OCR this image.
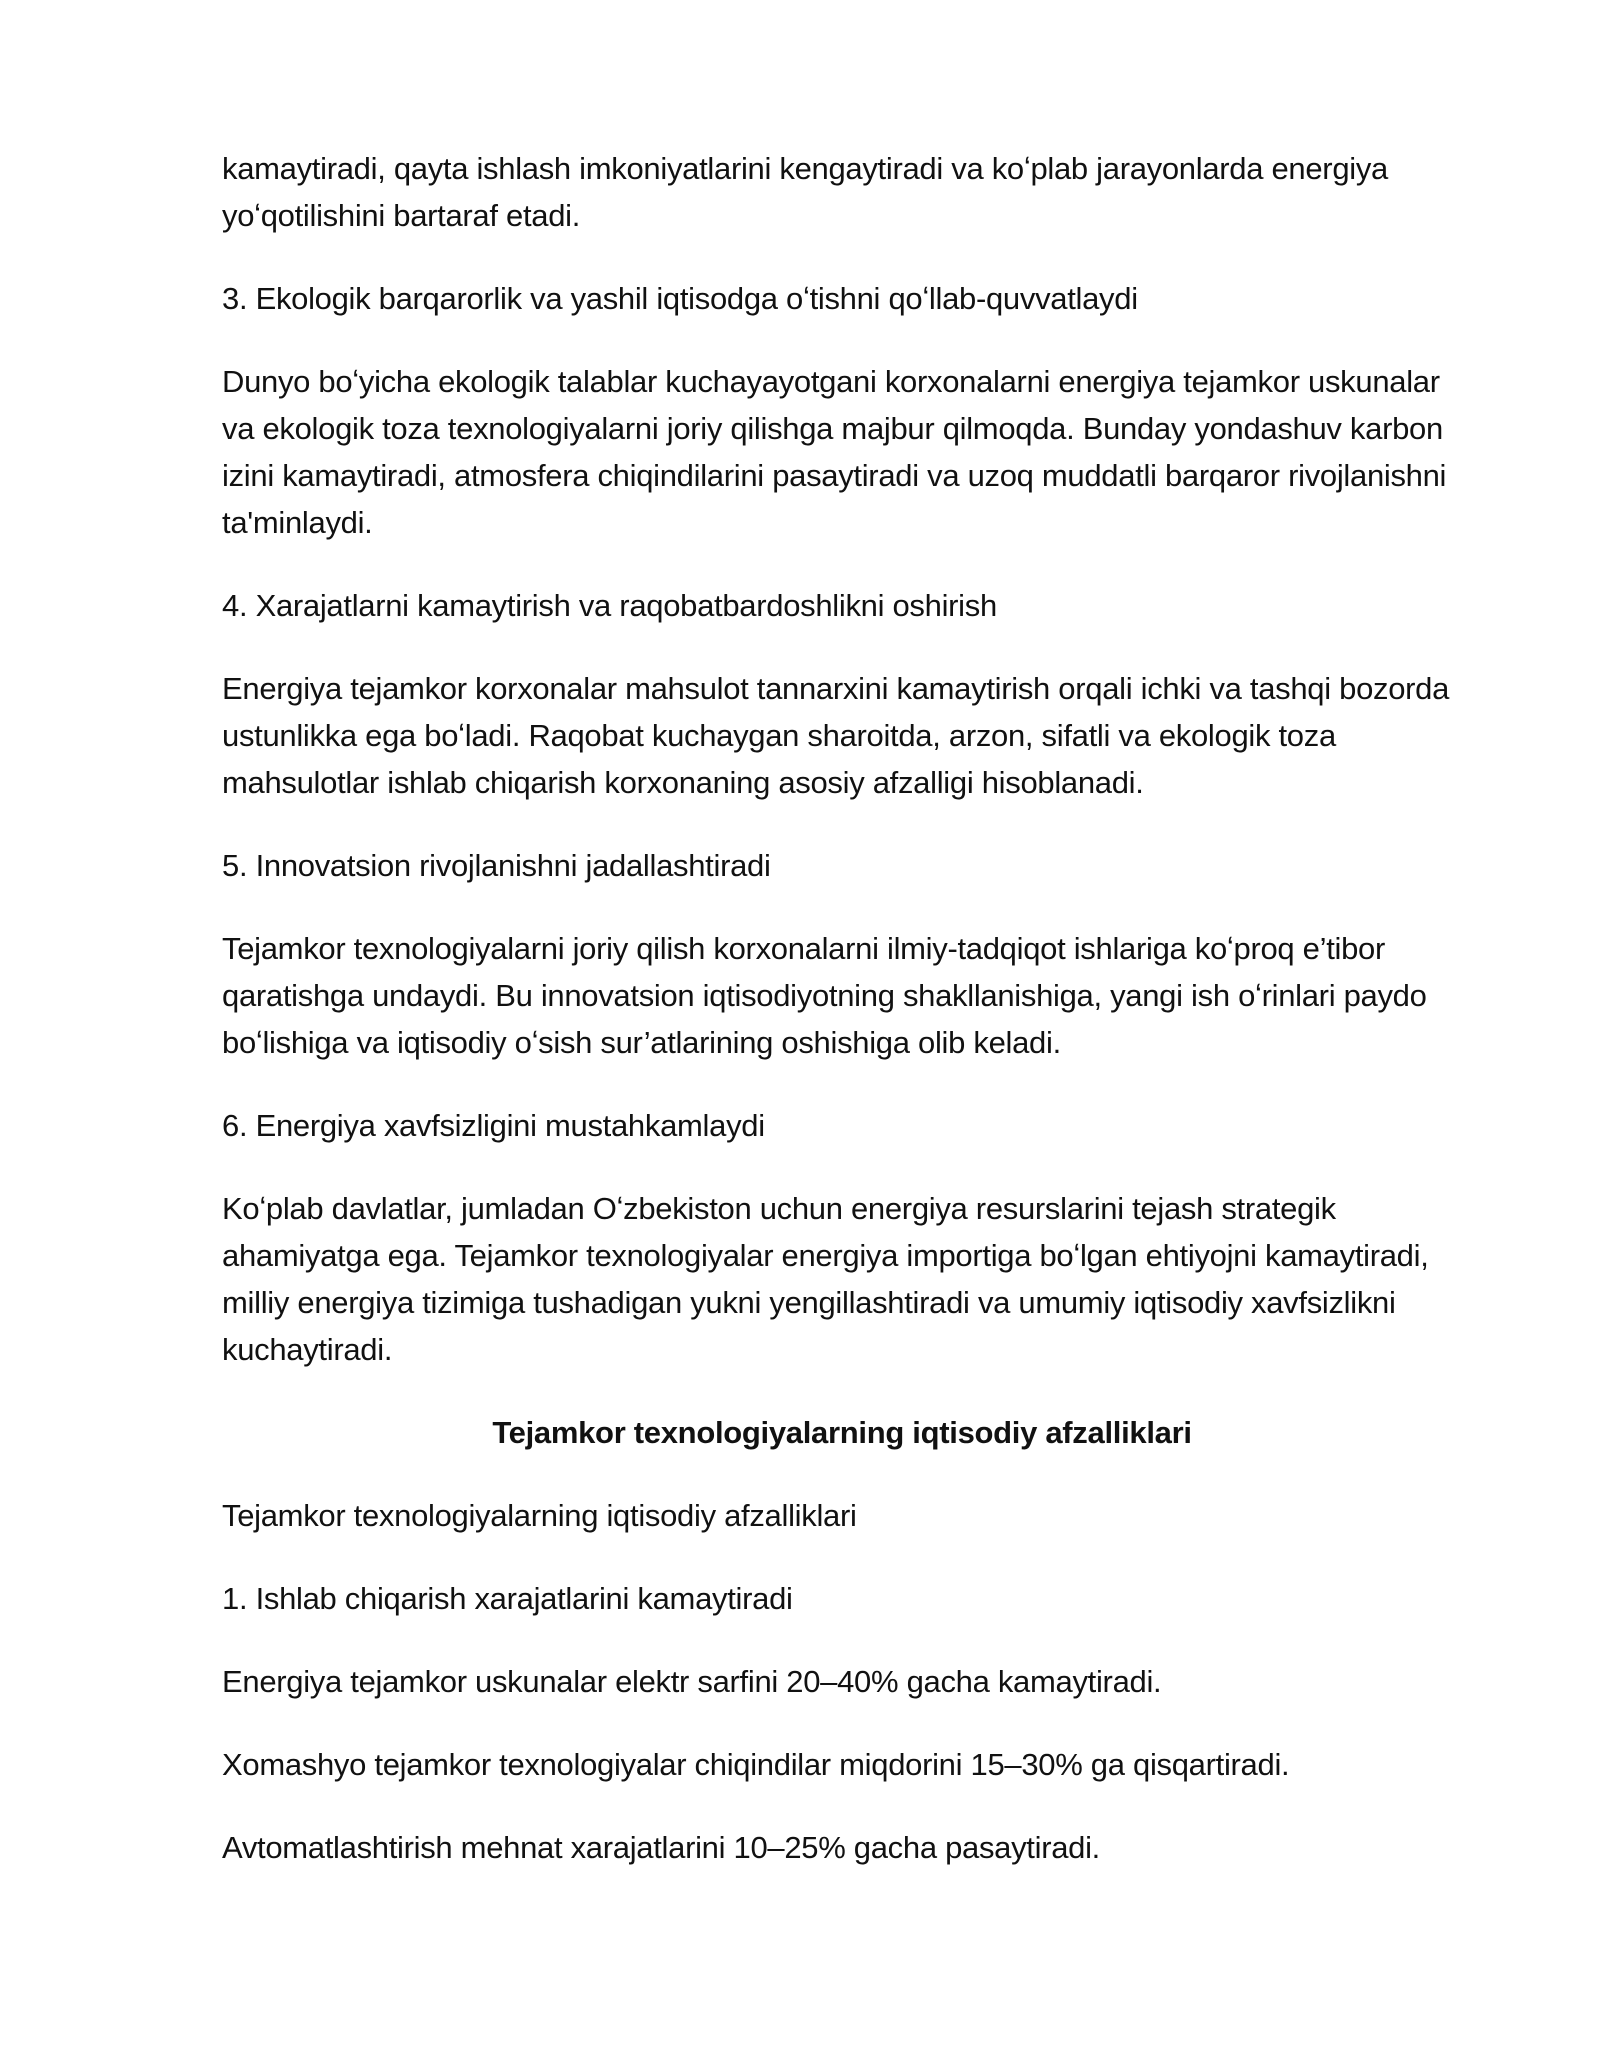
kamaytiradi, qayta ishlash imkoniyatlarini kengaytiradi va koʻplab jarayonlarda energiya yoʻqotilishini bartaraf etadi.

3. Ekologik barqarorlik va yashil iqtisodga oʻtishni qoʻllab-quvvatlaydi

Dunyo boʻyicha ekologik talablar kuchayayotgani korxonalarni energiya tejamkor uskunalar va ekologik toza texnologiyalarni joriy qilishga majbur qilmoqda. Bunday yondashuv karbon izini kamaytiradi, atmosfera chiqindilarini pasaytiradi va uzoq muddatli barqaror rivojlanishni ta'minlaydi.

4. Xarajatlarni kamaytirish va raqobatbardoshlikni oshirish

Energiya tejamkor korxonalar mahsulot tannarxini kamaytirish orqali ichki va tashqi bozorda ustunlikka ega boʻladi. Raqobat kuchaygan sharoitda, arzon, sifatli va ekologik toza mahsulotlar ishlab chiqarish korxonaning asosiy afzalligi hisoblanadi.

5. Innovatsion rivojlanishni jadallashtiradi

Tejamkor texnologiyalarni joriy qilish korxonalarni ilmiy-tadqiqot ishlariga koʻproq e’tibor qaratishga undaydi. Bu innovatsion iqtisodiyotning shakllanishiga, yangi ish oʻrinlari paydo boʻlishiga va iqtisodiy oʻsish sur’atlarining oshishiga olib keladi.

6. Energiya xavfsizligini mustahkamlaydi

Koʻplab davlatlar, jumladan Oʻzbekiston uchun energiya resurslarini tejash strategik ahamiyatga ega. Tejamkor texnologiyalar energiya importiga boʻlgan ehtiyojni kamaytiradi, milliy energiya tizimiga tushadigan yukni yengillashtiradi va umumiy iqtisodiy xavfsizlikni kuchaytiradi.

Tejamkor texnologiyalarning iqtisodiy afzalliklari

Tejamkor texnologiyalarning iqtisodiy afzalliklari

1. Ishlab chiqarish xarajatlarini kamaytiradi

Energiya tejamkor uskunalar elektr sarfini 20–40% gacha kamaytiradi.

Xomashyo tejamkor texnologiyalar chiqindilar miqdorini 15–30% ga qisqartiradi.

Avtomatlashtirish mehnat xarajatlarini 10–25% gacha pasaytiradi.
